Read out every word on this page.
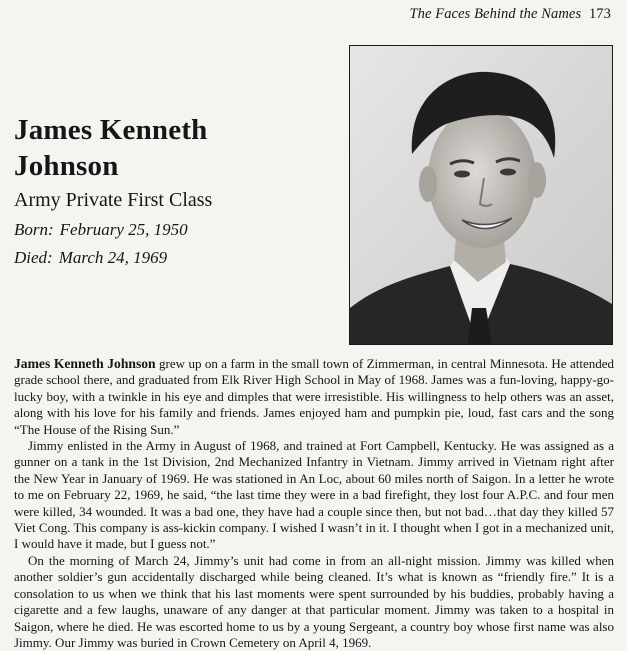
The Faces Behind the Names 173
James Kenneth
Johnson
Army Private First Class
Born: February 25, 1950
Died: March 24, 1969

James Kenneth Johnson grew up on a farm in the small town of Zimmerman, in central Minnesota. He attended grade school there, and graduated from Elk River High School in May of 1968. James was a fun-loving, happy-go-lucky boy, with a twinkle in his eye and dimples that were irresistible. His willingness to help others was an asset, along with his love for his family and friends. James enjoyed ham and pumpkin pie, loud, fast cars and the song “The House of the Rising Sun.”

Jimmy enlisted in the Army in August of 1968, and trained at Fort Campbell, Kentucky. He was assigned as a gunner on a tank in the 1st Division, 2nd Mechanized Infantry in Vietnam. Jimmy arrived in Vietnam right after the New Year in January of 1969. He was stationed in An Loc, about 60 miles north of Saigon. In a letter he wrote to me on February 22, 1969, he said, “the last time they were in a bad firefight, they lost four A.P.C. and four men were killed, 34 wounded. It was a bad one, they have had a couple since then, but not bad…that day they killed 57 Viet Cong. This company is ass-kickin company. I wished I wasn’t in it. I thought when I got in a mechanized unit, I would have it made, but I guess not.”

On the morning of March 24, Jimmy’s unit had come in from an all-night mission. Jimmy was killed when another soldier’s gun accidentally discharged while being cleaned. It’s what is known as “friendly fire.” It is a consolation to us when we think that his last moments were spent surrounded by his buddies, probably having a cigarette and a few laughs, unaware of any danger at that particular moment. Jimmy was taken to a hospital in Saigon, where he died. He was escorted home to us by a young Sergeant, a country boy whose first name was also Jimmy. Our Jimmy was buried in Crown Cemetery on April 4, 1969.
